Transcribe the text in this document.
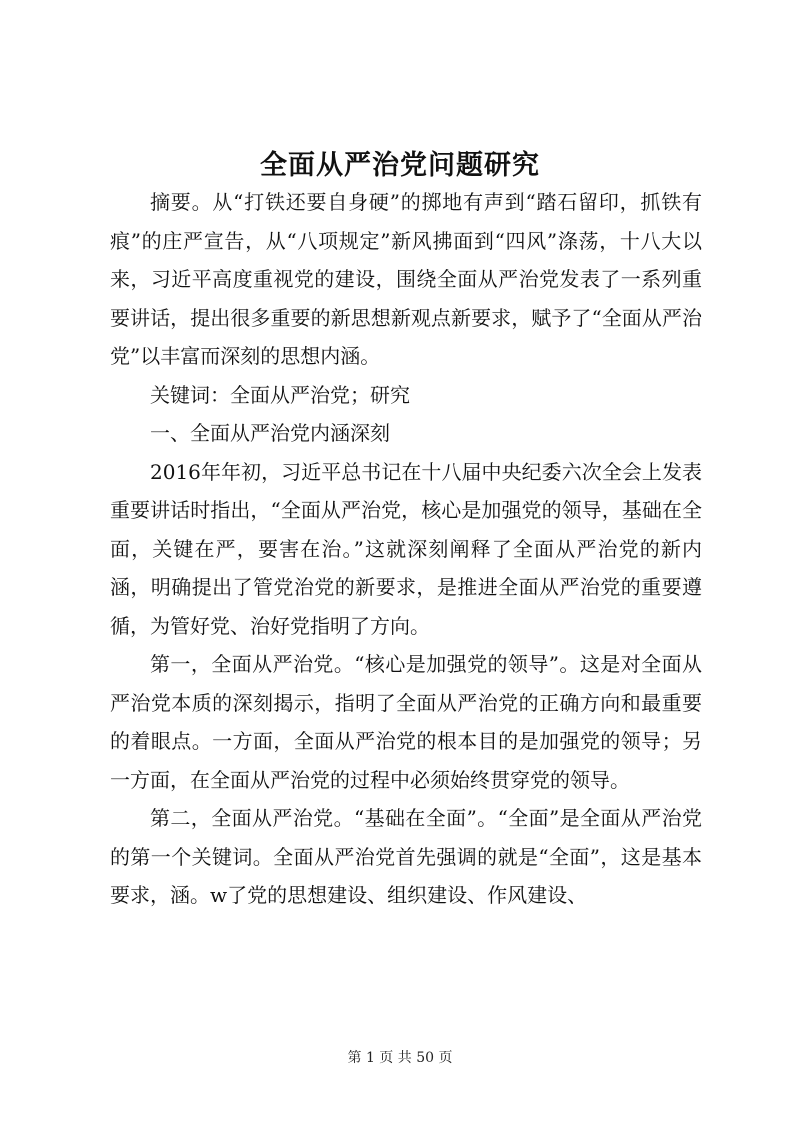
全面从严治党问题研究

摘要。从“打铁还要自身硬”的掷地有声到“踏石留印，抓铁有痕”的庄严宣告，从“八项规定”新风拂面到“四风”涤荡，十八大以来，习近平高度重视党的建设，围绕全面从严治党发表了一系列重要讲话，提出很多重要的新思想新观点新要求，赋予了“全面从严治党”以丰富而深刻的思想内涵。

关键词：全面从严治党；研究

一、全面从严治党内涵深刻

2016年年初，习近平总书记在十八届中央纪委六次全会上发表重要讲话时指出，“全面从严治党，核心是加强党的领导，基础在全面，关键在严，要害在治。”这就深刻阐释了全面从严治党的新内涵，明确提出了管党治党的新要求，是推进全面从严治党的重要遵循，为管好党、治好党指明了方向。

第一，全面从严治党。“核心是加强党的领导”。这是对全面从严治党本质的深刻揭示，指明了全面从严治党的正确方向和最重要的着眼点。一方面，全面从严治党的根本目的是加强党的领导；另一方面，在全面从严治党的过程中必须始终贯穿党的领导。

第二，全面从严治党。“基础在全面”。“全面”是全面从严治党的第一个关键词。全面从严治党首先强调的就是“全面”，这是基本要求，涵。w了党的思想建设、组织建设、作风建设、

第 1 页 共 50 页
